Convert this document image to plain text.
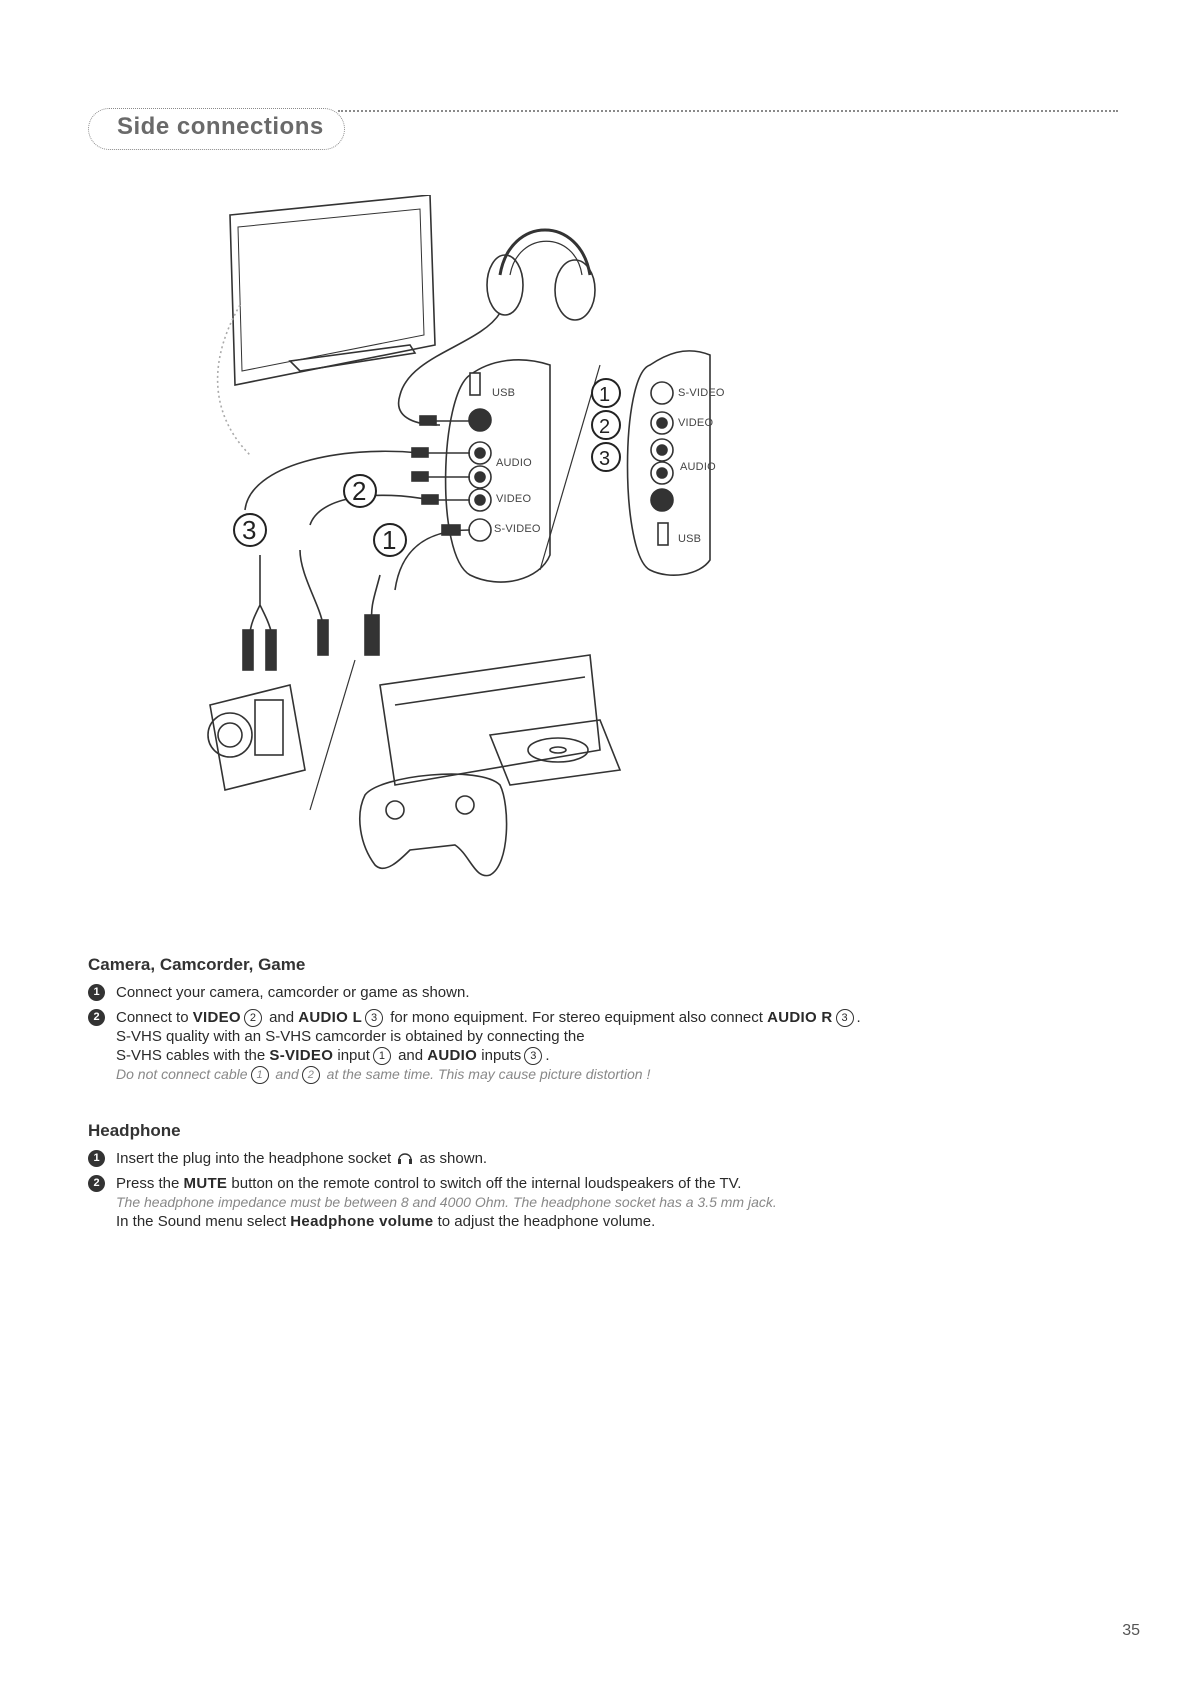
Side connections
2
3	1
1
2
3
USB
AUDIO
VIDEO
S-VIDEO
S-VIDEO
VIDEO
AUDIO
USB
Camera, Camcorder, Game
1	Connect your camera, camcorder or game as shown.
2	Connect to VIDEO 2 and AUDIO L 3 for mono equipment. For stereo equipment also connect AUDIO R 3 .
S-VHS quality with an S-VHS camcorder is obtained by connecting the
S-VHS cables with the S-VIDEO input 1 and AUDIO inputs 3 .
Do not connect cable 1 and 2 at the same time. This may cause picture distortion !
Headphone
1	Insert the plug into the headphone socket as shown.
2	Press the MUTE button on the remote control to switch off the internal loudspeakers of the TV.
The headphone impedance must be between 8 and 4000 Ohm. The headphone socket has a 3.5 mm jack.
In the Sound menu select Headphone volume to adjust the headphone volume.
35
